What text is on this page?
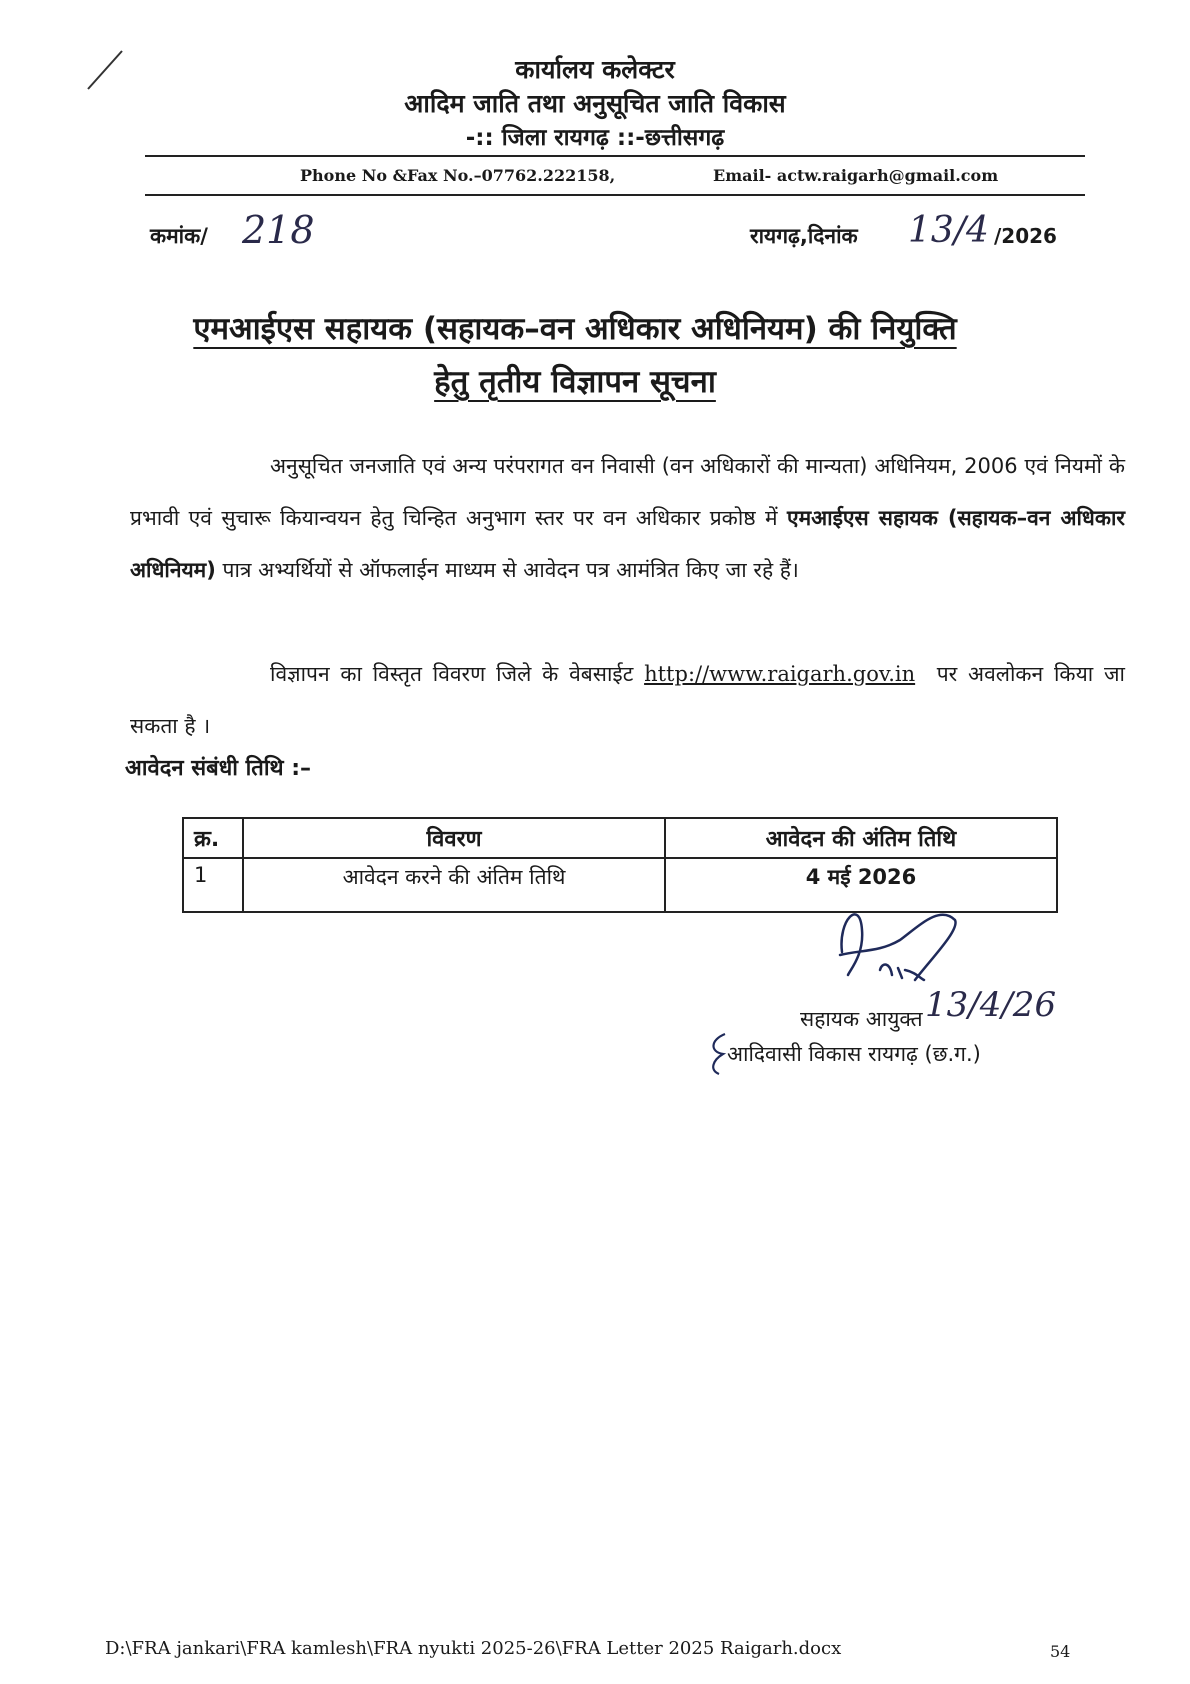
कार्यालय कलेक्टर
आदिम जाति तथा अनुसूचित जाति विकास
-:: जिला रायगढ़ ::-छत्तीसगढ़
Phone No &Fax No.–07762.222158,	Email- actw.raigarh@gmail.com
कमांक/ 218	रायगढ़,दिनांक 13/4 /2026
एमआईएस सहायक (सहायक–वन अधिकार अधिनियम) की नियुक्ति
हेतु तृतीय विज्ञापन सूचना
अनुसूचित जनजाति एवं अन्य परंपरागत वन निवासी (वन अधिकारों की मान्यता) अधिनियम, 2006 एवं नियमों के प्रभावी एवं सुचारू कियान्वयन हेतु चिन्हित अनुभाग स्तर पर वन अधिकार प्रकोष्ठ में एमआईएस सहायक (सहायक–वन अधिकार अधिनियम) पात्र अभ्यर्थियों से ऑफलाईन माध्यम से आवेदन पत्र आमंत्रित किए जा रहे हैं।
विज्ञापन का विस्तृत विवरण जिले के वेबसाईट http://www.raigarh.gov.in पर अवलोकन किया जा सकता है ।
आवेदन संबंधी तिथि :–
क्र.	विवरण	आवेदन की अंतिम तिथि
1	आवेदन करने की अंतिम तिथि	4 मई 2026
13/4/26
सहायक आयुक्त
आदिवासी विकास रायगढ़ (छ.ग.)
D:\FRA jankari\FRA kamlesh\FRA nyukti 2025-26\FRA Letter 2025 Raigarh.docx	54
